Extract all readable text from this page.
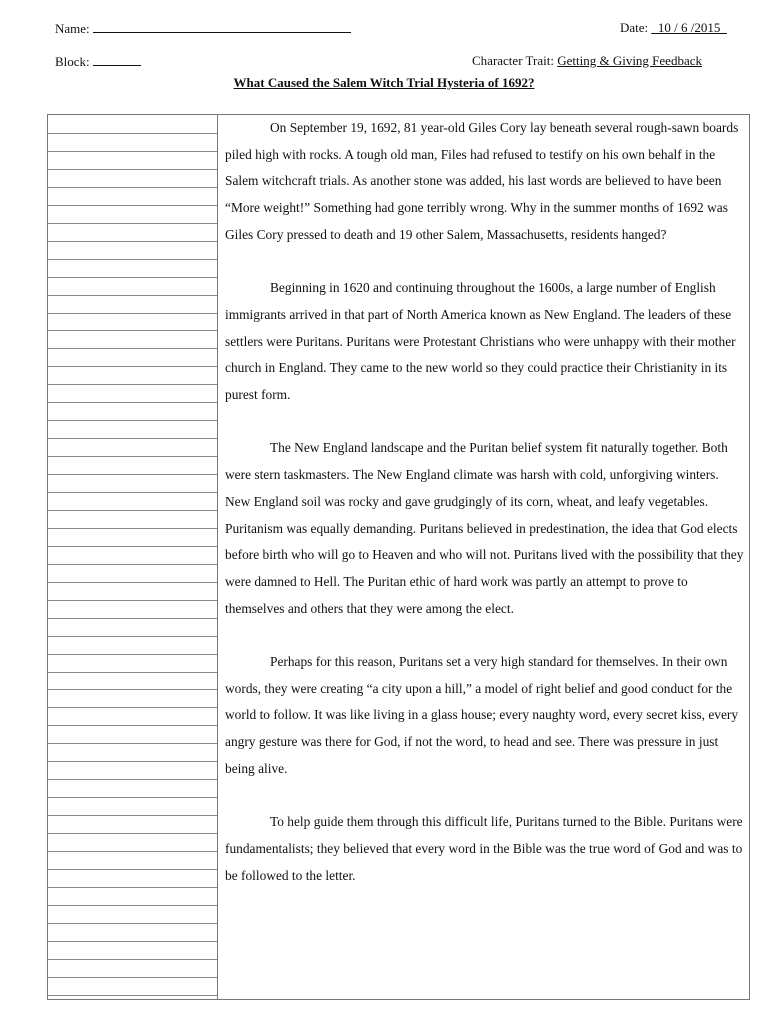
Name:	Date: _10 / 6 /2015_
Block:	Character Trait: Getting & Giving Feedback
What Caused the Salem Witch Trial Hysteria of 1692?

On September 19, 1692, 81 year-old Giles Cory lay beneath several rough-sawn boards piled high with rocks. A tough old man, Files had refused to testify on his own behalf in the Salem witchcraft trials. As another stone was added, his last words are believed to have been “More weight!” Something had gone terribly wrong. Why in the summer months of 1692 was Giles Cory pressed to death and 19 other Salem, Massachusetts, residents hanged?

Beginning in 1620 and continuing throughout the 1600s, a large number of English immigrants arrived in that part of North America known as New England. The leaders of these settlers were Puritans. Puritans were Protestant Christians who were unhappy with their mother church in England. They came to the new world so they could practice their Christianity in its purest form.

The New England landscape and the Puritan belief system fit naturally together. Both were stern taskmasters. The New England climate was harsh with cold, unforgiving winters. New England soil was rocky and gave grudgingly of its corn, wheat, and leafy vegetables. Puritanism was equally demanding. Puritans believed in predestination, the idea that God elects before birth who will go to Heaven and who will not. Puritans lived with the possibility that they were damned to Hell. The Puritan ethic of hard work was partly an attempt to prove to themselves and others that they were among the elect.

Perhaps for this reason, Puritans set a very high standard for themselves. In their own words, they were creating “a city upon a hill,” a model of right belief and good conduct for the world to follow. It was like living in a glass house; every naughty word, every secret kiss, every angry gesture was there for God, if not the word, to head and see. There was pressure in just being alive.

To help guide them through this difficult life, Puritans turned to the Bible. Puritans were fundamentalists; they believed that every word in the Bible was the true word of God and was to be followed to the letter.
